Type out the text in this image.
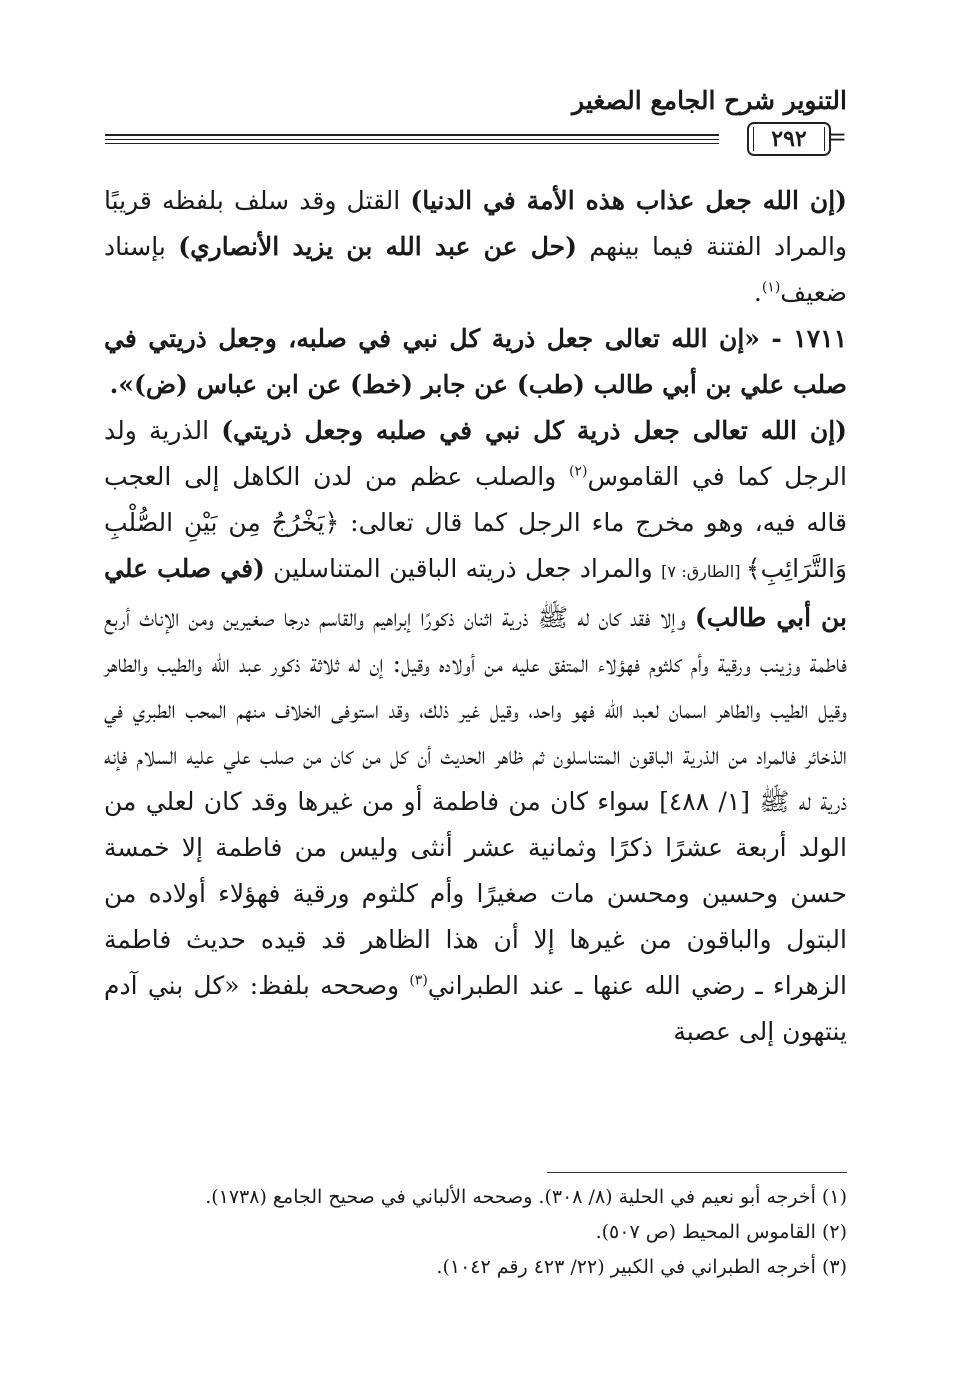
التنوير شرح الجامع الصغير
٢٩٢ =

(إن الله جعل عذاب هذه الأمة في الدنيا) القتل وقد سلف بلفظه قريبًا والمراد الفتنة فيما بينهم (حل عن عبد الله بن يزيد الأنصاري) بإسناد ضعيف$^{(١)}$.

١٧١١ - «إن الله تعالى جعل ذرية كل نبي في صلبه، وجعل ذريتي في صلب علي بن أبي طالب (طب) عن جابر (خط) عن ابن عباس (ض)».

(إن الله تعالى جعل ذرية كل نبي في صلبه وجعل ذريتي) الذرية ولد الرجل كما في القاموس$^{(٢)}$ والصلب عظم من لدن الكاهل إلى العجب قاله فيه، وهو مخرج ماء الرجل كما قال تعالى: ﴿يَخْرُجُ مِن بَيْنِ الصُّلْبِ وَالتَّرَائِبِ﴾ [الطارق: ٧] والمراد جعل ذريته الباقين المتناسلين (في صلب علي بن أبي طالب) وإلا فقد كان له ﷺ ذرية اثنان ذكورًا إبراهيم والقاسم درجا صغيرين ومن الإناث أربع فاطمة وزينب ورقية وأم كلثوم فهؤلاء المتفق عليه من أولاده وقيل: إن له ثلاثة ذكور عبد الله والطيب والطاهر وقيل الطيب والطاهر اسمان لعبد الله فهو واحد، وقيل غير ذلك، وقد استوفى الخلاف منهم المحب الطبري في الذخائر فالمراد من الذرية الباقون المتناسلون ثم ظاهر الحديث أن كل من كان من صلب علي عليه السلام فإنه ذرية له ﷺ [١/ ٤٨٨] سواء كان من فاطمة أو من غيرها وقد كان لعلي من الولد أربعة عشرًا ذكرًا وثمانية عشر أنثى وليس من فاطمة إلا خمسة حسن وحسين ومحسن مات صغيرًا وأم كلثوم ورقية فهؤلاء أولاده من البتول والباقون من غيرها إلا أن هذا الظاهر قد قيده حديث فاطمة الزهراء ـ رضي الله عنها ـ عند الطبراني$^{(٣)}$ وصححه بلفظ: «كل بني آدم ينتهون إلى عصبة

(١) أخرجه أبو نعيم في الحلية (٨/ ٣٠٨). وصححه الألباني في صحيح الجامع (١٧٣٨).

(٢) القاموس المحيط (ص ٥٠٧).

(٣) أخرجه الطبراني في الكبير (٢٢/ ٤٢٣ رقم ١٠٤٢).
